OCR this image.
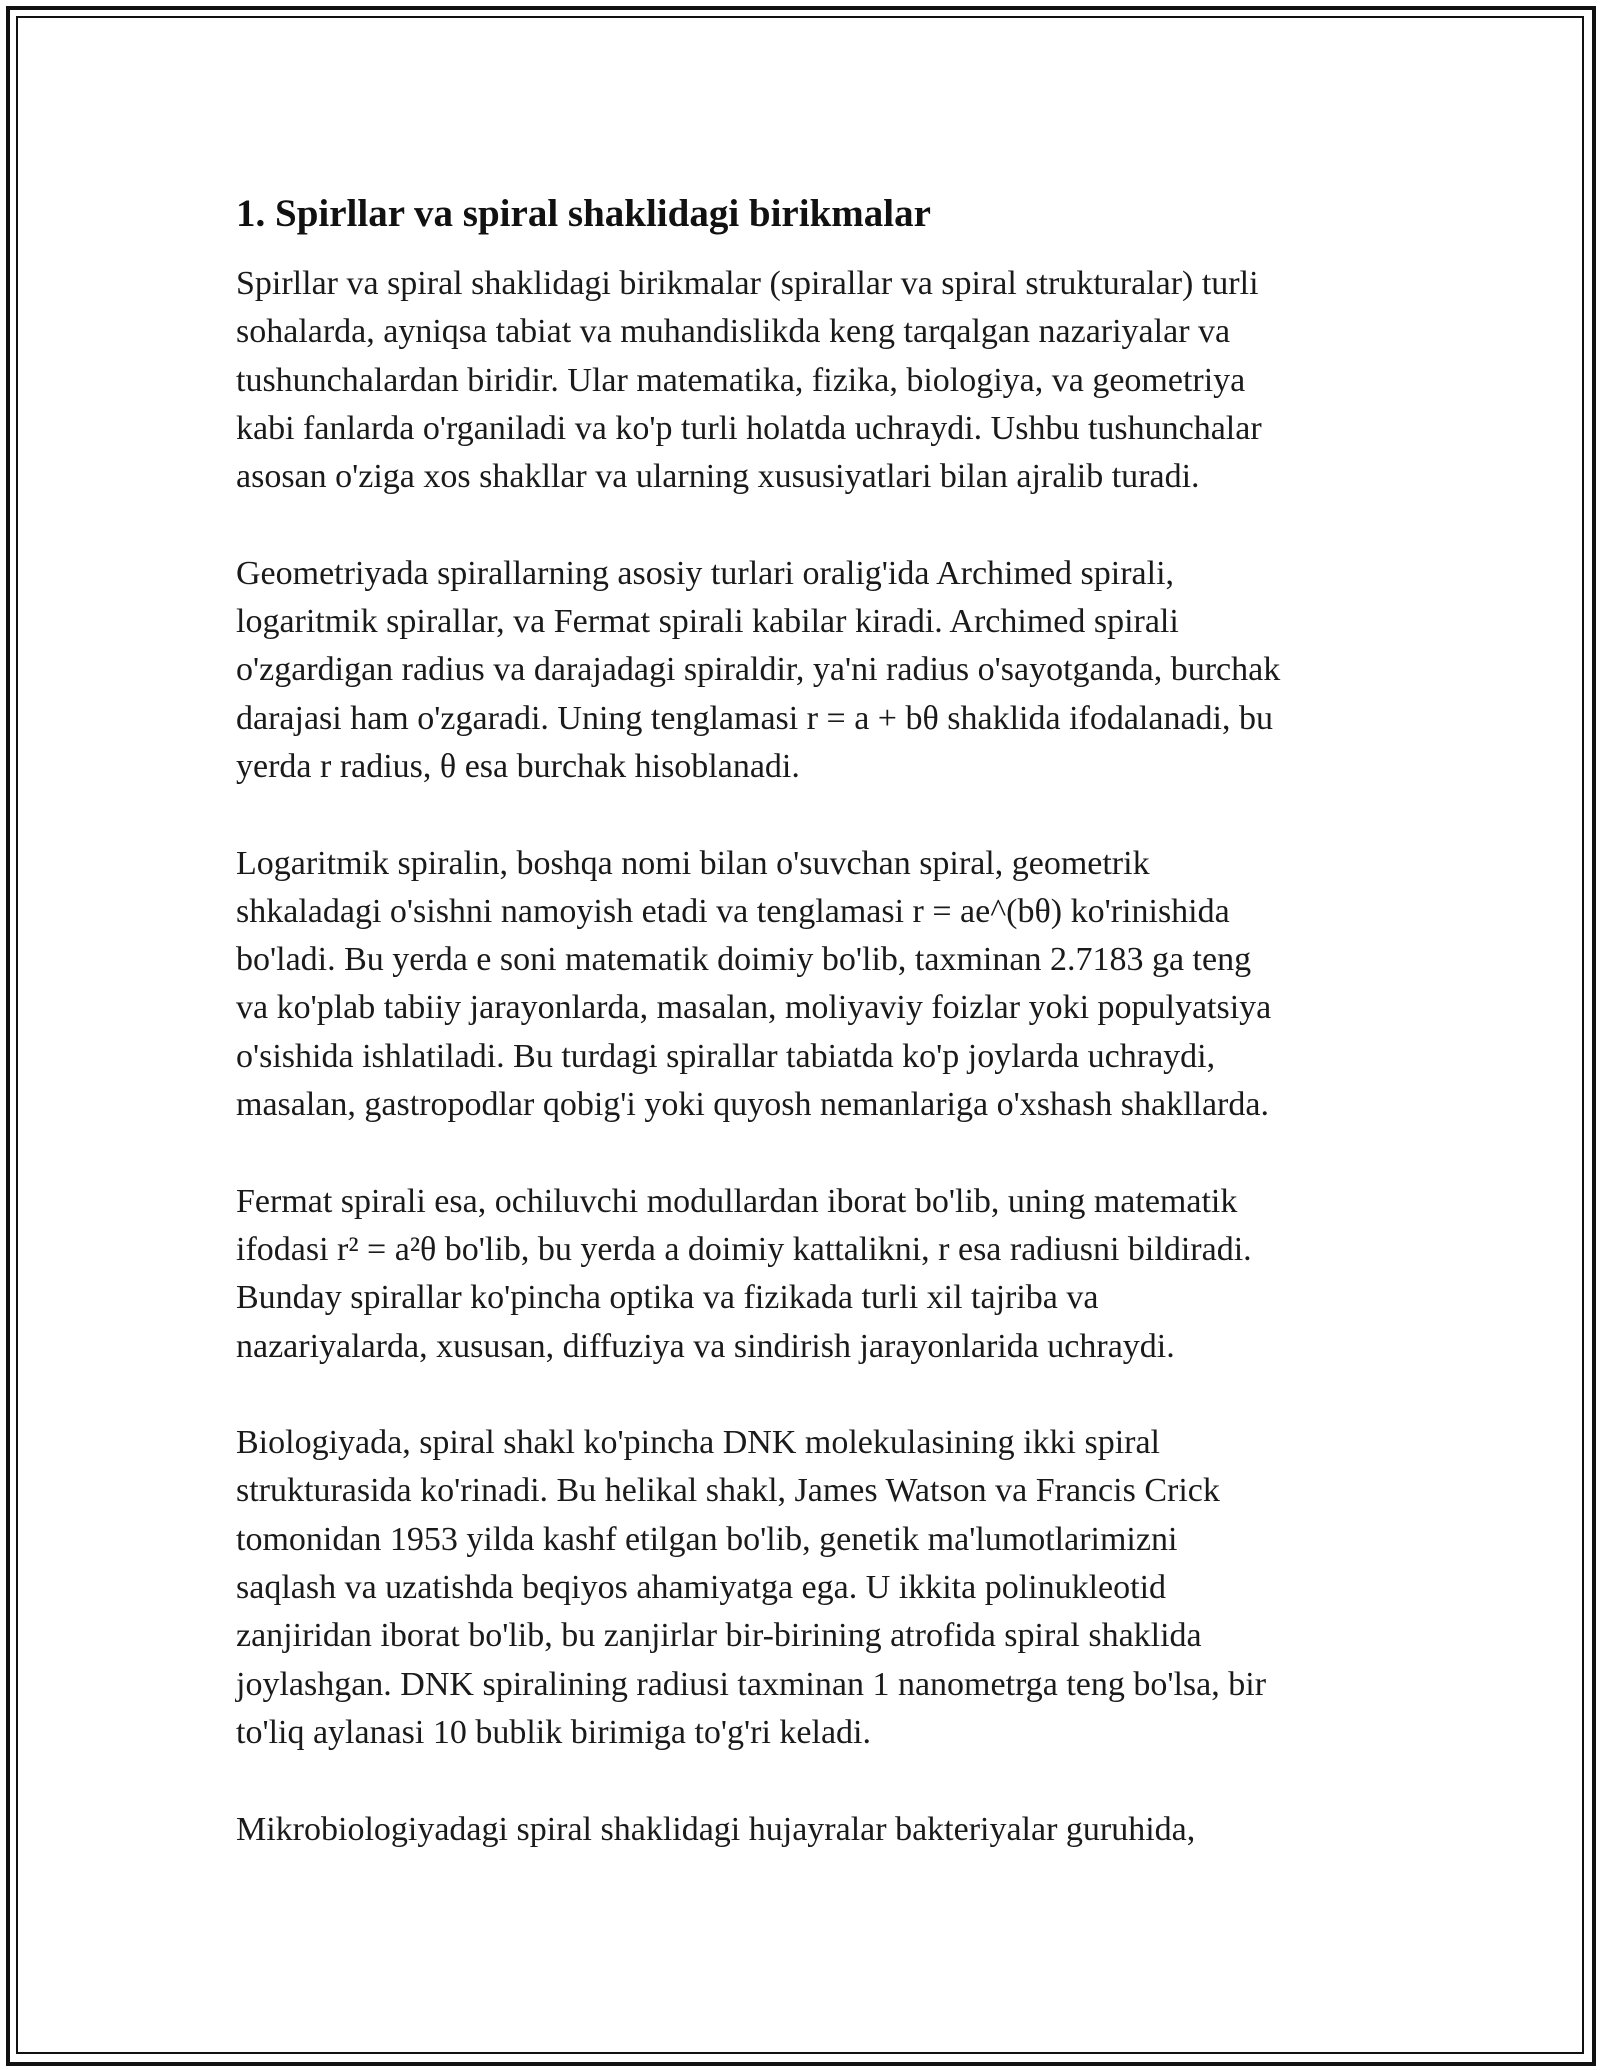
1. Spirllar va spiral shaklidagi birikmalar

Spirllar va spiral shaklidagi birikmalar (spirallar va spiral strukturalar) turli
sohalarda, ayniqsa tabiat va muhandislikda keng tarqalgan nazariyalar va
tushunchalardan biridir. Ular matematika, fizika, biologiya, va geometriya
kabi fanlarda o'rganiladi va ko'p turli holatda uchraydi. Ushbu tushunchalar
asosan o'ziga xos shakllar va ularning xususiyatlari bilan ajralib turadi.

Geometriyada spirallarning asosiy turlari oralig'ida Archimed spirali,
logaritmik spirallar, va Fermat spirali kabilar kiradi. Archimed spirali
o'zgardigan radius va darajadagi spiraldir, ya'ni radius o'sayotganda, burchak
darajasi ham o'zgaradi. Uning tenglamasi r = a + bθ shaklida ifodalanadi, bu
yerda r radius, θ esa burchak hisoblanadi.

Logaritmik spiralin, boshqa nomi bilan o'suvchan spiral, geometrik
shkaladagi o'sishni namoyish etadi va tenglamasi r = ae^(bθ) ko'rinishida
bo'ladi. Bu yerda e soni matematik doimiy bo'lib, taxminan 2.7183 ga teng
va ko'plab tabiiy jarayonlarda, masalan, moliyaviy foizlar yoki populyatsiya
o'sishida ishlatiladi. Bu turdagi spirallar tabiatda ko'p joylarda uchraydi,
masalan, gastropodlar qobig'i yoki quyosh nemanlariga o'xshash shakllarda.

Fermat spirali esa, ochiluvchi modullardan iborat bo'lib, uning matematik
ifodasi r² = a²θ bo'lib, bu yerda a doimiy kattalikni, r esa radiusni bildiradi.
Bunday spirallar ko'pincha optika va fizikada turli xil tajriba va
nazariyalarda, xususan, diffuziya va sindirish jarayonlarida uchraydi.

Biologiyada, spiral shakl ko'pincha DNK molekulasining ikki spiral
strukturasida ko'rinadi. Bu helikal shakl, James Watson va Francis Crick
tomonidan 1953 yilda kashf etilgan bo'lib, genetik ma'lumotlarimizni
saqlash va uzatishda beqiyos ahamiyatga ega. U ikkita polinukleotid
zanjiridan iborat bo'lib, bu zanjirlar bir-birining atrofida spiral shaklida
joylashgan. DNK spiralining radiusi taxminan 1 nanometrga teng bo'lsa, bir
to'liq aylanasi 10 bublik birimiga to'g'ri keladi.

Mikrobiologiyadagi spiral shaklidagi hujayralar bakteriyalar guruhida,
